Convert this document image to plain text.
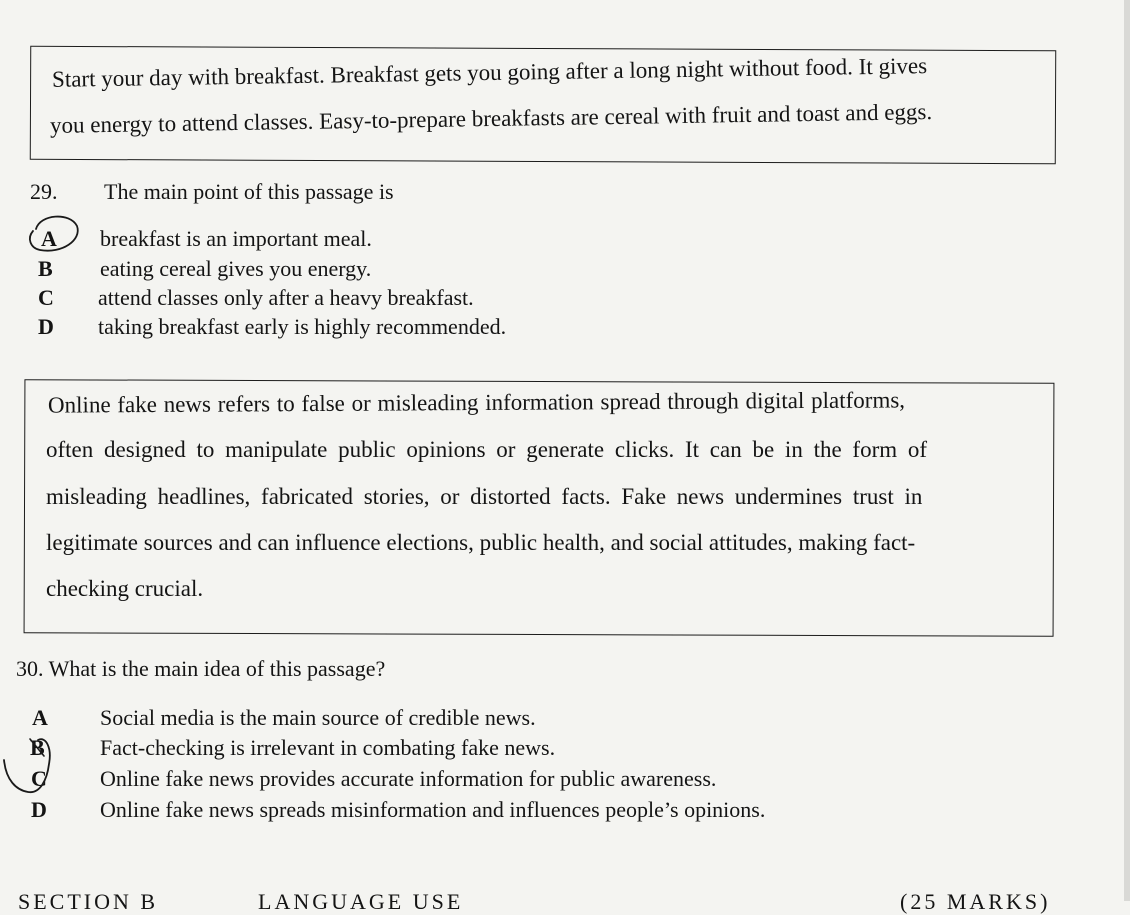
Start your day with breakfast. Breakfast gets you going after a long night without food. It gives
you energy to attend classes. Easy-to-prepare breakfasts are cereal with fruit and toast and eggs.
29. The main point of this passage is
A breakfast is an important meal.
B eating cereal gives you energy.
C attend classes only after a heavy breakfast.
D taking breakfast early is highly recommended.
Online fake news refers to false or misleading information spread through digital platforms,
often designed to manipulate public opinions or generate clicks. It can be in the form of
misleading headlines, fabricated stories, or distorted facts. Fake news undermines trust in
legitimate sources and can influence elections, public health, and social attitudes, making fact-
checking crucial.
30. What is the main idea of this passage?
A Social media is the main source of credible news.
B	Fact-checking is irrelevant in combating fake news.
C Online fake news provides accurate information for public awareness.
D Online fake news spreads misinformation and influences people’s opinions.
SECTION B	LANGUAGE USE	(25 MARKS)
